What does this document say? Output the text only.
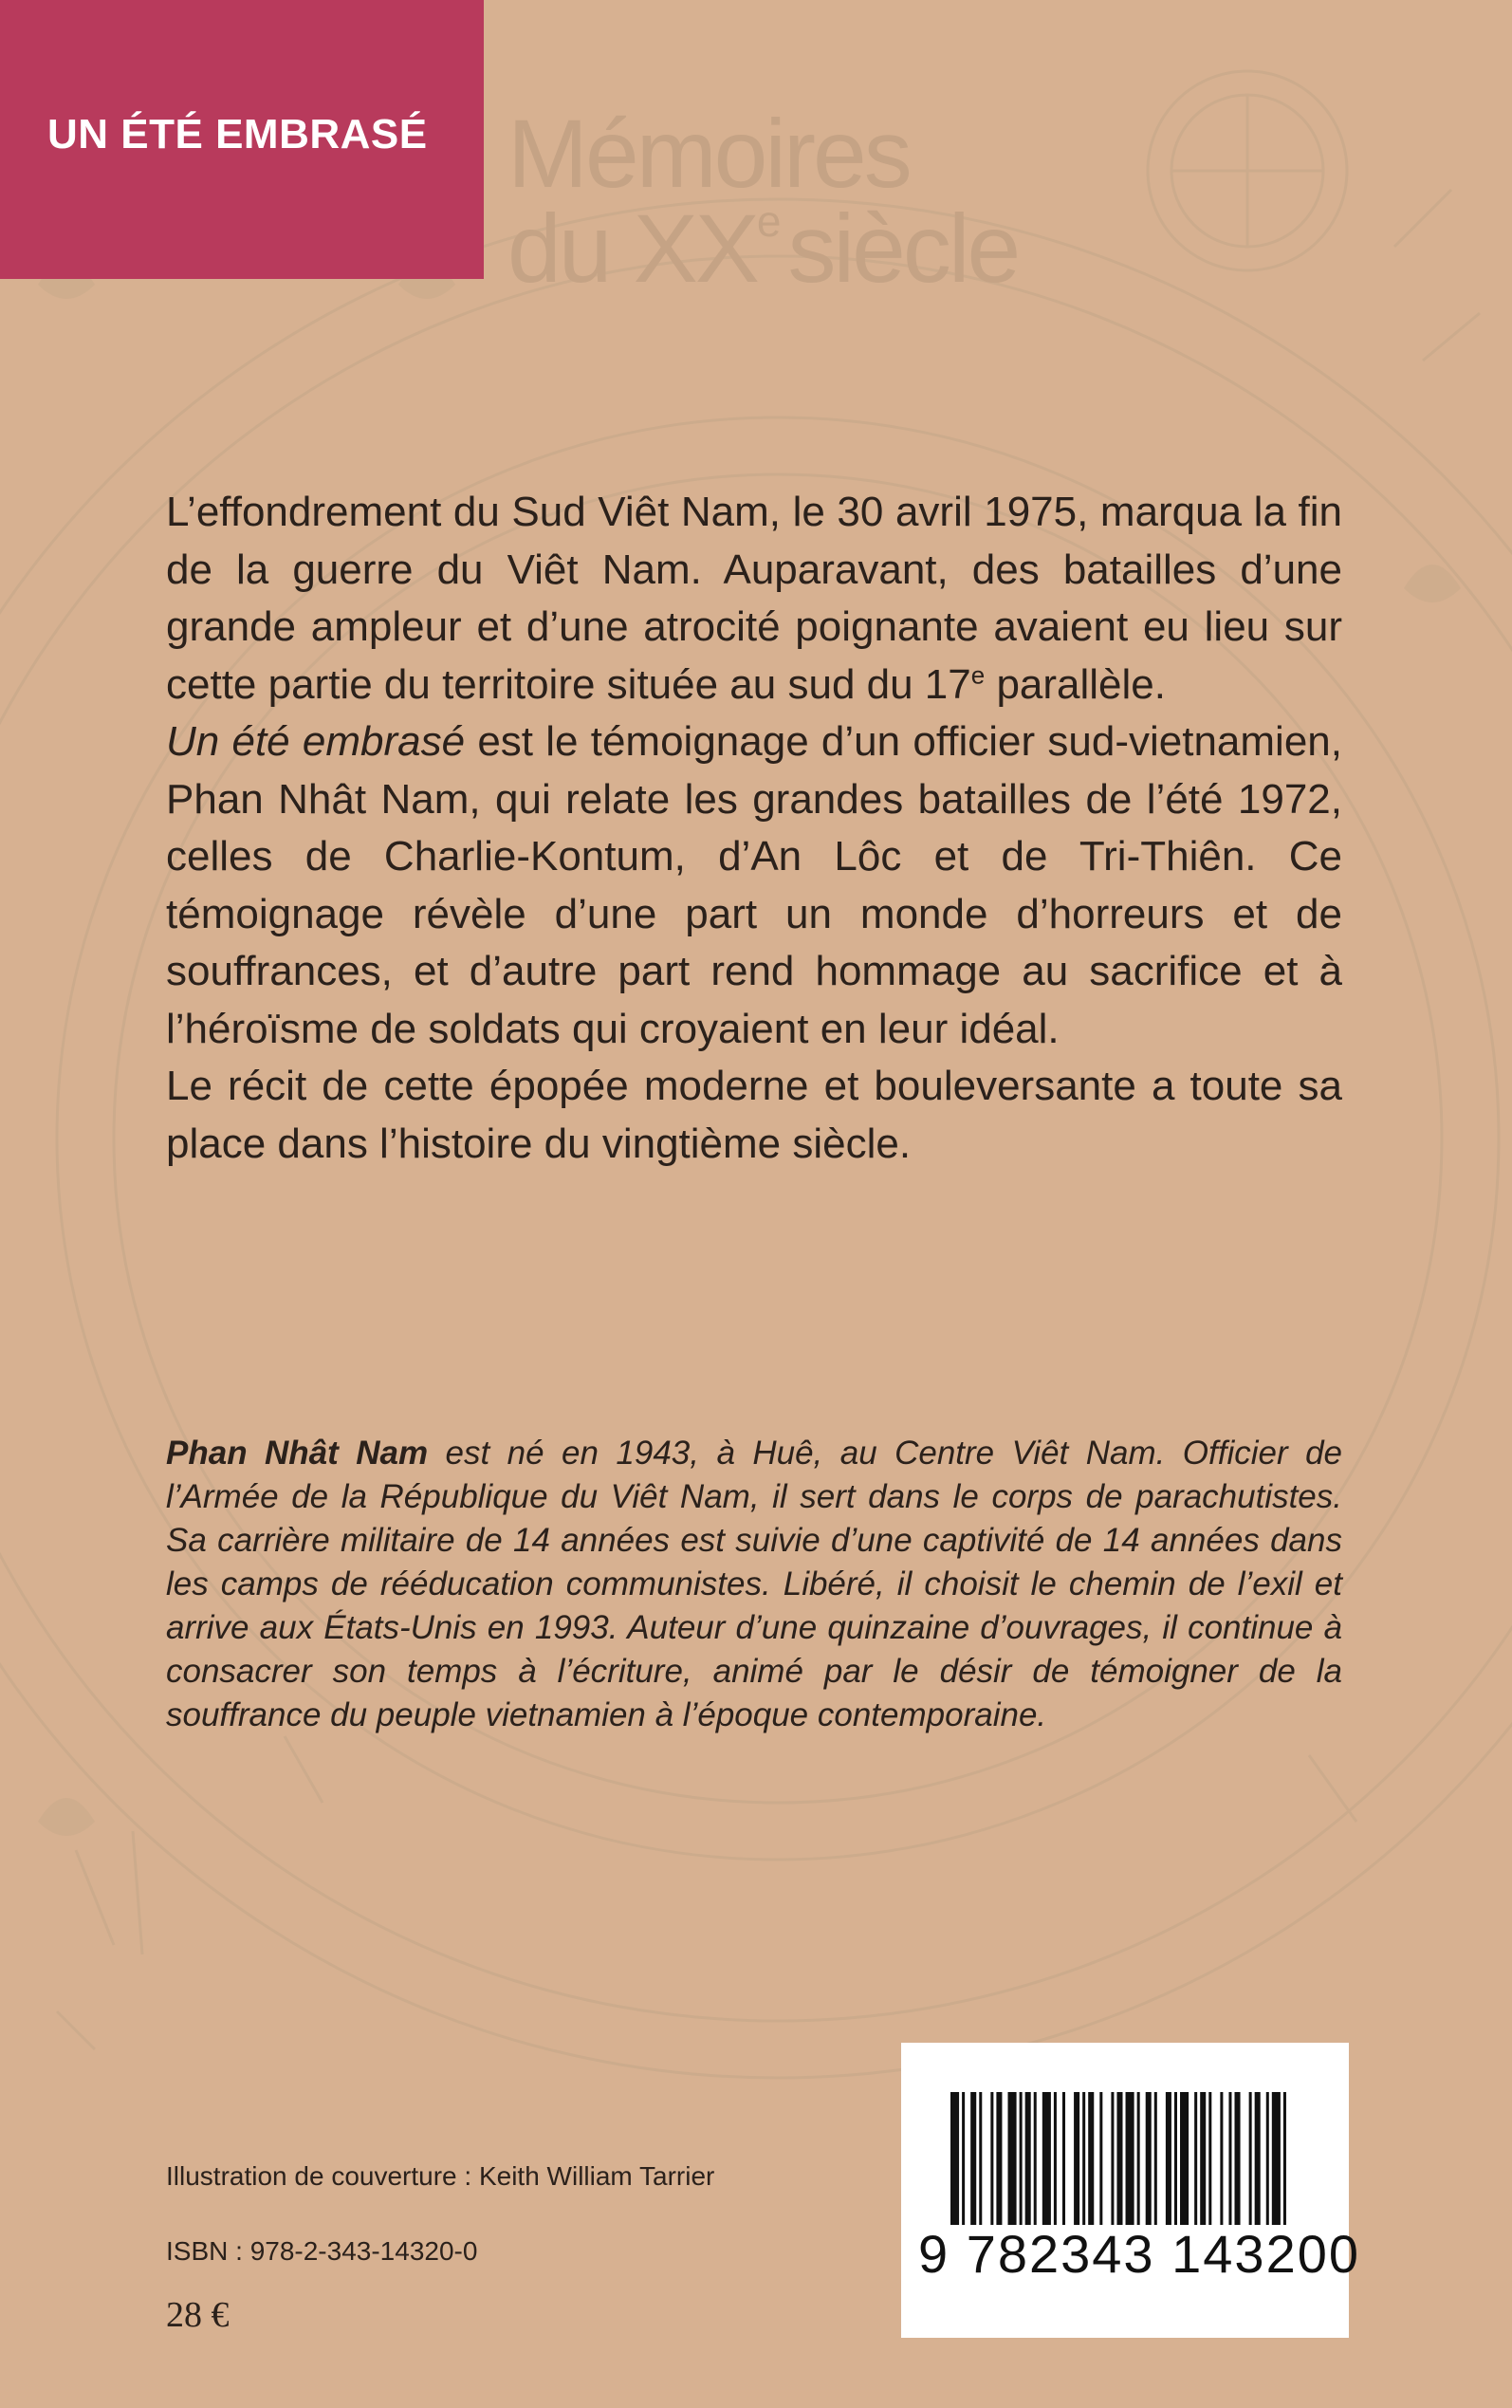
UN ÉTÉ EMBRASÉ Mémoires
du XXesiècle

L’effondrement du Sud Viêt Nam, le 30 avril 1975, marqua la fin de la guerre du Viêt Nam. Auparavant, des batailles d’une grande ampleur et d’une atrocité poignante avaient eu lieu sur cette partie du territoire située au sud du 17e parallèle.

Un été embrasé est le témoignage d’un officier sud-vietnamien, Phan Nhât Nam, qui relate les grandes batailles de l’été 1972, celles de Charlie-Kontum, d’An Lôc et de Tri-Thiên. Ce témoignage révèle d’une part un monde d’horreurs et de souffrances, et d’autre part rend hommage au sacrifice et à l’héroïsme de soldats qui croyaient en leur idéal.

Le récit de cette épopée moderne et bouleversante a toute sa place dans l’histoire du vingtième siècle.

Phan Nhât Nam est né en 1943, à Huê, au Centre Viêt Nam. Officier de l’Armée de la République du Viêt Nam, il sert dans le corps de parachutistes. Sa carrière militaire de 14 années est suivie d’une captivité de 14 années dans les camps de rééducation communistes. Libéré, il choisit le chemin de l’exil et arrive aux États-Unis en 1993. Auteur d’une quinzaine d’ouvrages, il continue à consacrer son temps à l’écriture, animé par le désir de témoigner de la souffrance du peuple vietnamien à l’époque contemporaine.

Illustration de couverture : Keith William Tarrier

ISBN : 978-2-343-14320-0

28 €

9 782343 143200
